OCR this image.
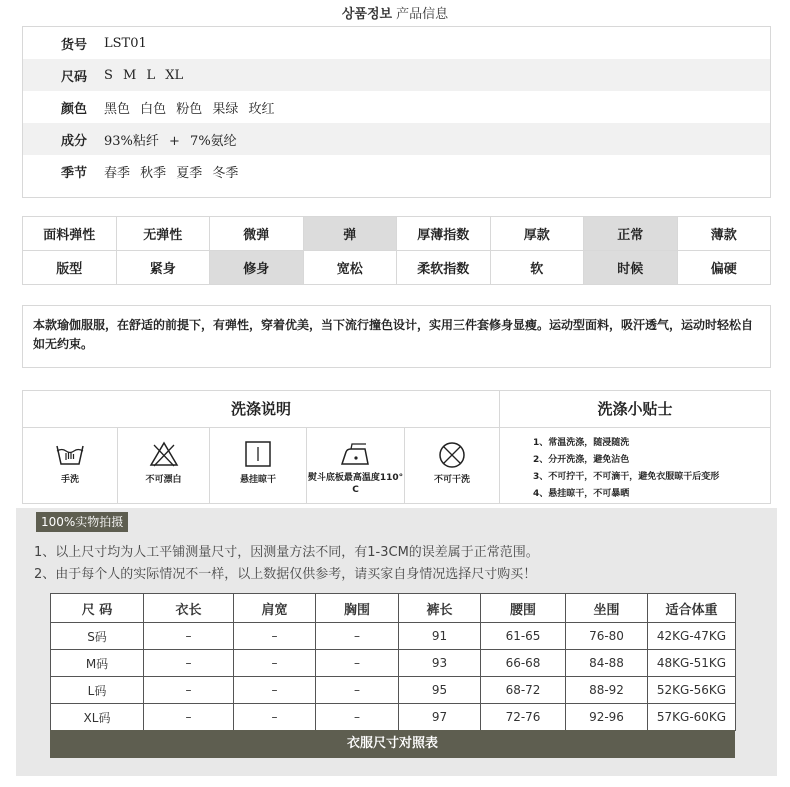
상품정보 产品信息
货号	LST01
尺码	S M L XL
颜色	黑色 白色 粉色 果绿 玫红
成分	93%粘纤 + 7%氨纶
季节	春季 秋季 夏季 冬季
面料弹性	无弹性	微弹	弹	厚薄指数	厚款	正常	薄款
版型	紧身	修身	宽松	柔软指数	软	时候	偏硬
本款瑜伽服服，在舒适的前提下，有弹性，穿着优美，当下流行撞色设计，实用三件套修身显瘦。运动型面料，吸汗透气，运动时轻松自如无约束。
洗涤说明	洗涤小贴士
手洗	不可漂白	悬挂晾干	熨斗底板最高温度110° C
不可干洗
1、常温洗涤，随浸随洗
2、分开洗涤，避免沾色
3、不可拧干，不可滴干，避免衣服晾干后变形
4、悬挂晾干，不可暴晒
100%实物拍摄
1、以上尺寸均为人工平铺测量尺寸，因测量方法不同，有1-3CM的误差属于正常范围。
2、由于每个人的实际情况不一样，以上数据仅供参考，请买家自身情况选择尺寸购买！
尺 码	衣长	肩宽	胸围	裤长	腰围	坐围	适合体重
S码	–	–	–	91	61-65	76-80	42KG-47KG
M码	–	–	–	93	66-68	84-88	48KG-51KG
L码	–	–	–	95	68-72	88-92	52KG-56KG
XL码	–	–	–	97	72-76	92-96	57KG-60KG
衣服尺寸对照表
